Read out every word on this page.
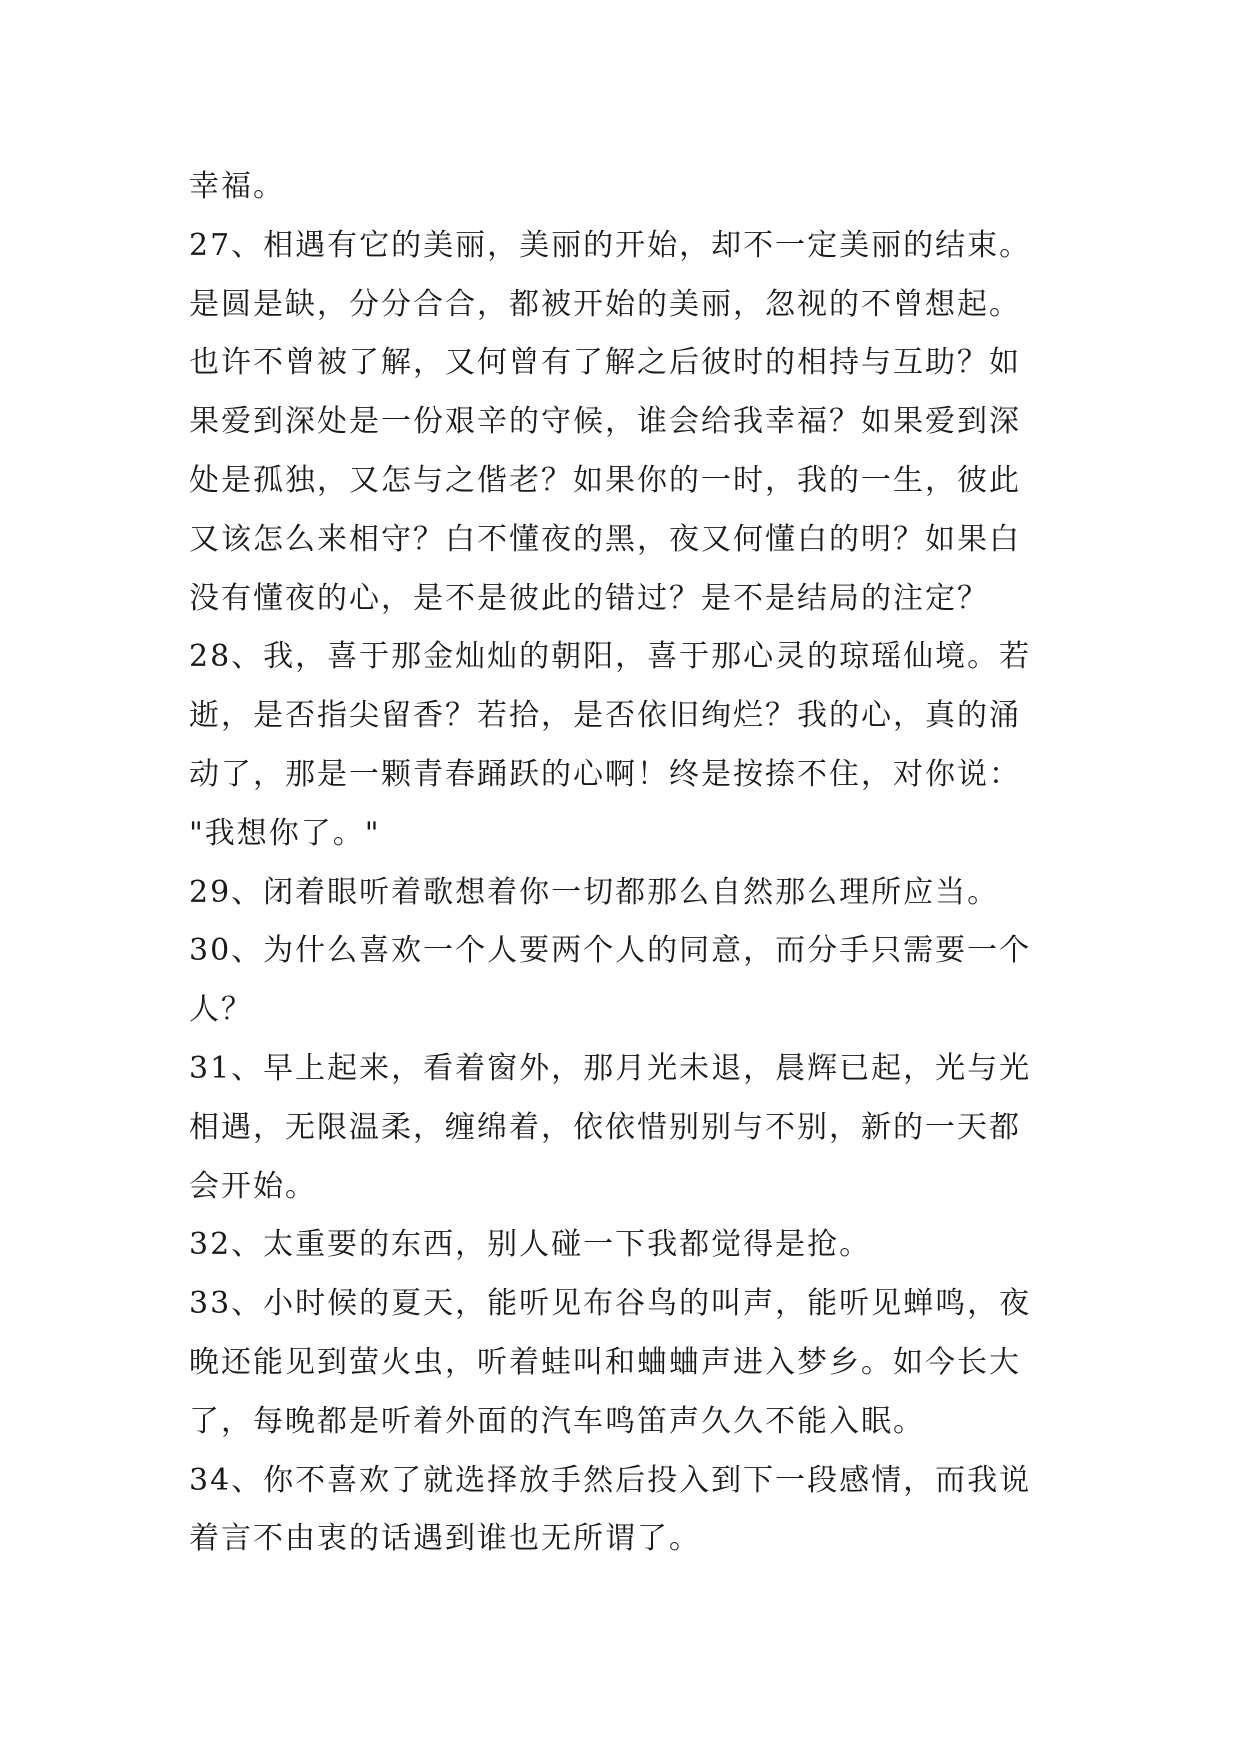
幸福。
27、相遇有它的美丽，美丽的开始，却不一定美丽的结束。
是圆是缺，分分合合，都被开始的美丽，忽视的不曾想起。
也许不曾被了解，又何曾有了解之后彼时的相持与互助？如
果爱到深处是一份艰辛的守候，谁会给我幸福？如果爱到深
处是孤独，又怎与之偕老？如果你的一时，我的一生，彼此
又该怎么来相守？白不懂夜的黑，夜又何懂白的明？如果白
没有懂夜的心，是不是彼此的错过？是不是结局的注定？
28、我，喜于那金灿灿的朝阳，喜于那心灵的琼瑶仙境。若
逝，是否指尖留香？若拾，是否依旧绚烂？我的心，真的涌
动了，那是一颗青春踊跃的心啊！终是按捺不住，对你说：
"我想你了。"
29、闭着眼听着歌想着你一切都那么自然那么理所应当。
30、为什么喜欢一个人要两个人的同意，而分手只需要一个
人？
31、早上起来，看着窗外，那月光未退，晨辉已起，光与光
相遇，无限温柔，缠绵着，依依惜别别与不别，新的一天都
会开始。
32、太重要的东西，别人碰一下我都觉得是抢。
33、小时候的夏天，能听见布谷鸟的叫声，能听见蝉鸣，夜
晚还能见到萤火虫，听着蛙叫和蛐蛐声进入梦乡。如今长大
了，每晚都是听着外面的汽车鸣笛声久久不能入眠。
34、你不喜欢了就选择放手然后投入到下一段感情，而我说
着言不由衷的话遇到谁也无所谓了。
